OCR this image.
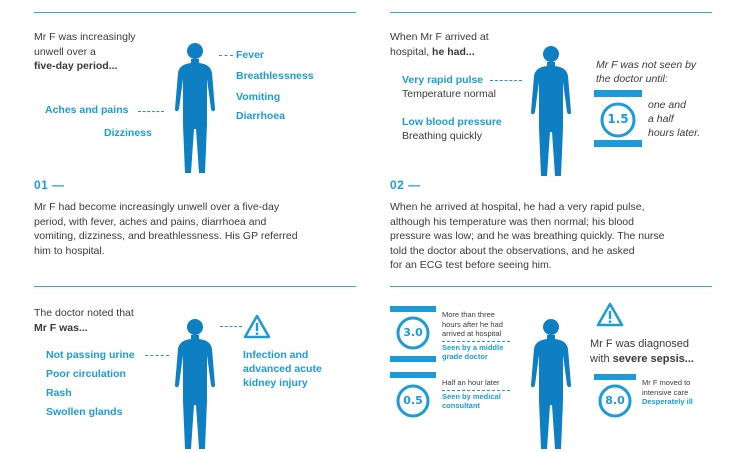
Mr F was increasingly
unwell over a
five-day period...
Fever
Breathlessness
Vomiting
Diarrhoea
Aches and pains
Dizziness
01 —
Mr F had become increasingly unwell over a five-day
period, with fever, aches and pains, diarrhoea and
vomiting, dizziness, and breathlessness. His GP referred
him to hospital.
When Mr F arrived at
hospital, he had...
Very rapid pulse
Temperature normal
Low blood pressure
Breathing quickly
Mr F was not seen by
the doctor until:
1.5
one and
a half
hours later.
02 —
When he arrived at hospital, he had a very rapid pulse,
although his temperature was then normal; his blood
pressure was low; and he was breathing quickly. The nurse
told the doctor about the observations, and he asked
for an ECG test before seeing him.
The doctor noted that
Mr F was...
Not passing urine
Poor circulation
Rash
Swollen glands
Infection and
advanced acute
kidney injury
3.0
0.5
More than three
hours after he had
arrived at hospital
Seen by a middle
grade doctor
Half an hour later
Seen by medical
consultant
Mr F was diagnosed
with severe sepsis...
8.0
Mr F moved to
intensive care
Desperately ill
